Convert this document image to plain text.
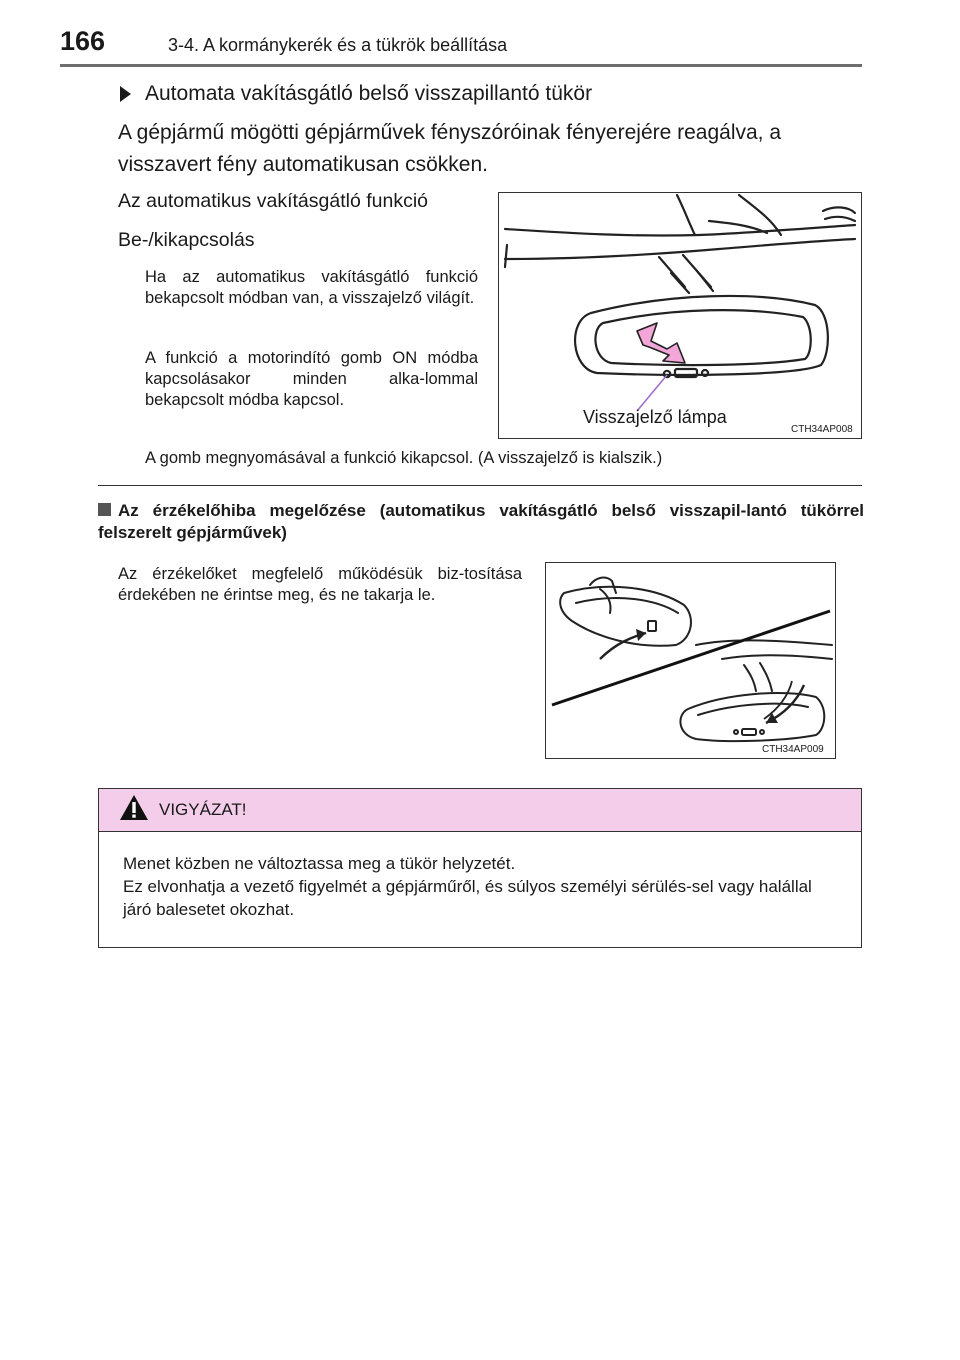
166	3-4. A kormánykerék és a tükrök beállítása
Automata vakításgátló belső visszapillantó tükör
A gépjármű mögötti gépjárművek fényszóróinak fényerejére reagálva, a visszavert fény automatikusan csökken.
Az automatikus vakításgátló funkció
Be-/kikapcsolás
Ha az automatikus vakításgátló funkció bekapcsolt módban van, a visszajelző világít.
A funkció a motorindító gomb ON módba kapcsolásakor minden alka-lommal bekapcsolt módba kapcsol.
Visszajelző lámpa
CTH34AP008
A gomb megnyomásával a funkció kikapcsol. (A visszajelző is kialszik.)
Az érzékelőhiba megelőzése (automatikus vakításgátló belső visszapil-lantó tükörrel felszerelt gépjárművek)
Az érzékelőket megfelelő működésük biz-tosítása érdekében ne érintse meg, és ne takarja le.
CTH34AP009
VIGYÁZAT!
Menet közben ne változtassa meg a tükör helyzetét.
Ez elvonhatja a vezető figyelmét a gépjárműről, és súlyos személyi sérülés-sel vagy halállal járó balesetet okozhat.
